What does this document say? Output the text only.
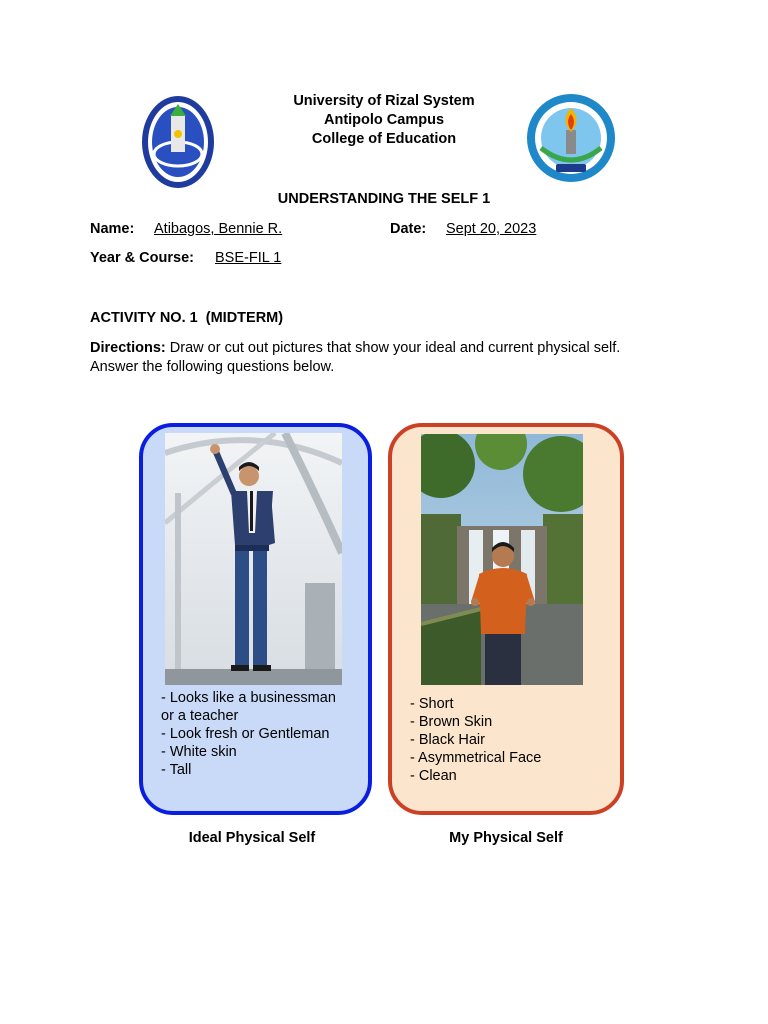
University of Rizal System
Antipolo Campus
College of Education
UNDERSTANDING THE SELF 1
Name: Atibagos, Bennie R.	Date: Sept 20, 2023
Year & Course: BSE-FIL 1
ACTIVITY NO. 1  (MIDTERM)
Directions: Draw or cut out pictures that show your ideal and current physical self.
Answer the following questions below.
- Looks like a businessman
or a teacher
- Look fresh or Gentleman
- White skin
- Tall
Ideal Physical Self
- Short
- Brown Skin
- Black Hair
- Asymmetrical Face
- Clean
My Physical Self
